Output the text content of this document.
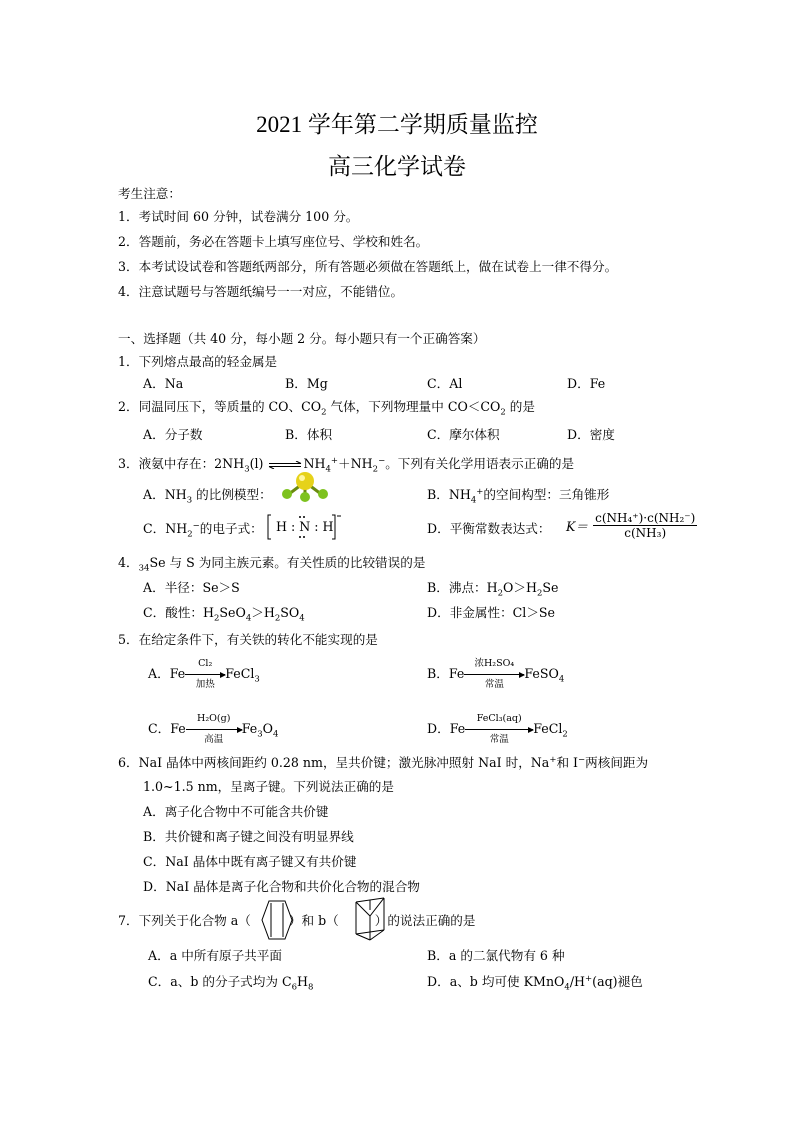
2021 学年第二学期质量监控
高三化学试卷
考生注意：
1．考试时间 60 分钟，试卷满分 100 分。
2．答题前，务必在答题卡上填写座位号、学校和姓名。
3．本考试设试卷和答题纸两部分，所有答题必须做在答题纸上，做在试卷上一律不得分。
4．注意试题号与答题纸编号一一对应，不能错位。
一、选择题（共 40 分，每小题 2 分。每小题只有一个正确答案）
1．下列熔点最高的轻金属是
A．Na	B．Mg	C．Al	D．Fe
2．同温同压下，等质量的 CO、$CO_2$ 气体，下列物理量中 $CO<CO_2$ 的是
A．分子数	B．体积	C．摩尔体积	D．密度
3．液氨中存在：$2NH_3(l)$ $\rightleftharpoons NH_4^++NH_2^-$。下列有关化学用语表示正确的是
A．$NH_3$ 的比例模型：	B．$NH_4^+$的空间构型：三角锥形
C．$NH_2^-$的电子式： H : N : H	D．平衡常数表达式： $K= \frac{\text{c(NH₄⁺)·c(NH₂⁻)}}{\text{c(NH₃)}}$
4．$_{34}$Se 与 S 为同主族元素。有关性质的比较错误的是
A．半径：Se＞S	B．沸点：$H_2O>H_2Se$
C．酸性：$H_2SeO_4>H_2SO_4$	D．非金属性：Cl＞Se
5．在给定条件下，有关铁的转化不能实现的是
A．Fe
Cl₂
加热
FeCl$_3$	B．Fe
浓H₂SO₄
常温
FeSO$_4$
C．Fe
H₂O(g)
高温
$Fe_3O_4$	D．Fe
FeCl₃(aq)
常温
FeCl$_2$
6．NaI 晶体中两核间距约 0.28 nm，呈共价键；激光脉冲照射 NaI 时，Na+和 I−两核间距为
1.0~1.5 nm，呈离子键。下列说法正确的是
A．离子化合物中不可能含共价键
B．共价键和离子键之间没有明显界线
C．NaI 晶体中既有离子键又有共价键
D．NaI 晶体是离子化合物和共价化合物的混合物
7．下列关于化合物 a（	）和 b（	）的说法正确的是
A．a 中所有原子共平面	B．a 的二氯代物有 6 种
C．a、b 的分子式均为 $C_6H_8$	D．a、b 均可使 KMnO$_4$/H+(aq)褪色
